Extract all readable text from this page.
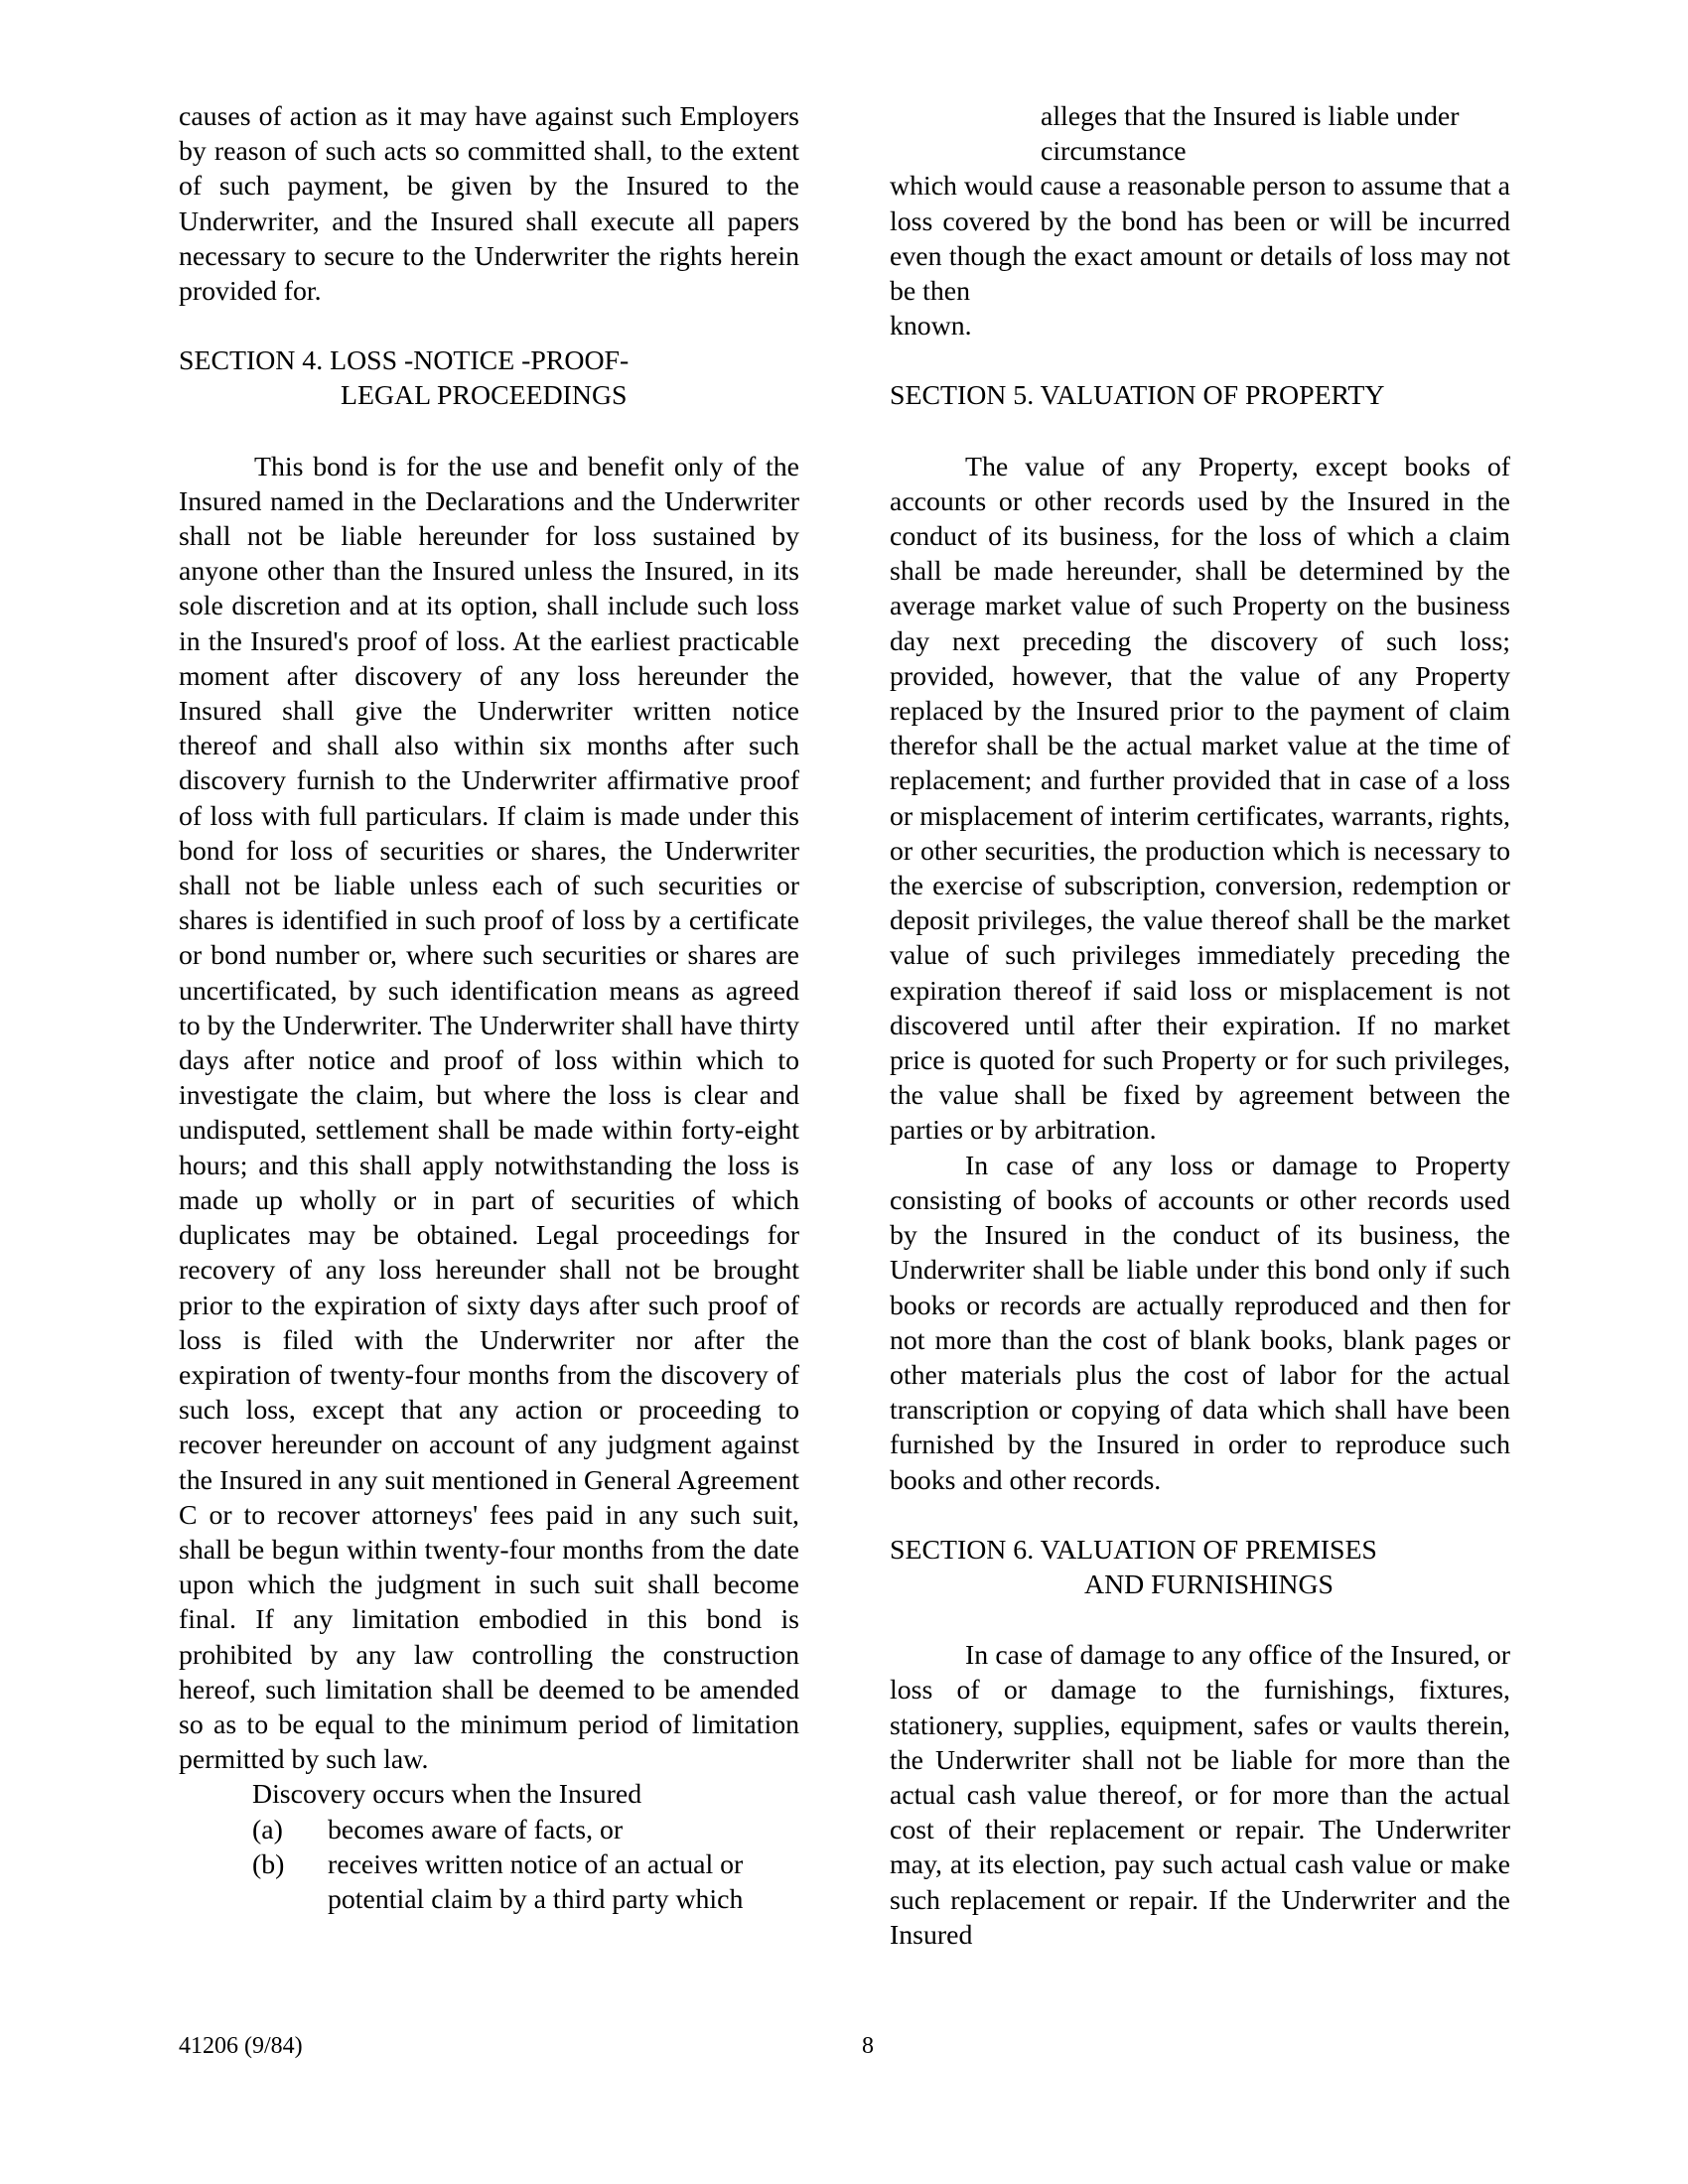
causes of action as it may have against such Employers by reason of such acts so committed shall, to the extent of such payment, be given by the Insured to the Underwriter, and the Insured shall execute all papers necessary to secure to the Underwriter the rights herein provided for.

SECTION 4. LOSS -NOTICE -PROOF-

LEGAL PROCEEDINGS

This bond is for the use and benefit only of the Insured named in the Declarations and the Underwriter shall not be liable hereunder for loss sustained by anyone other than the Insured unless the Insured, in its sole discretion and at its option, shall include such loss in the Insured's proof of loss. At the earliest practicable moment after discovery of any loss hereunder the Insured shall give the Underwriter written notice thereof and shall also within six months after such discovery furnish to the Underwriter affirmative proof of loss with full particulars. If claim is made under this bond for loss of securities or shares, the Underwriter shall not be liable unless each of such securities or shares is identified in such proof of loss by a certificate or bond number or, where such securities or shares are uncertificated, by such identification means as agreed to by the Underwriter. The Underwriter shall have thirty days after notice and proof of loss within which to investigate the claim, but where the loss is clear and undisputed, settlement shall be made within forty-eight hours; and this shall apply notwithstanding the loss is made up wholly or in part of securities of which duplicates may be obtained. Legal proceedings for recovery of any loss hereunder shall not be brought prior to the expiration of sixty days after such proof of loss is filed with the Underwriter nor after the expiration of twenty-four months from the discovery of such loss, except that any action or proceeding to recover hereunder on account of any judgment against the Insured in any suit mentioned in General Agreement C or to recover attorneys' fees paid in any such suit, shall be begun within twenty-four months from the date upon which the judgment in such suit shall become final. If any limitation embodied in this bond is prohibited by any law controlling the construction hereof, such limitation shall be deemed to be amended so as to be equal to the minimum period of limitation permitted by such law.

Discovery occurs when the Insured

(a)	becomes aware of facts, or
(b)	receives written notice of an actual or potential claim by a third party which

alleges that the Insured is liable under

circumstance

which would cause a reasonable person to assume that a loss covered by the bond has been or will be incurred even though the exact amount or details of loss may not be then

known.

SECTION 5. VALUATION OF PROPERTY

The value of any Property, except books of accounts or other records used by the Insured in the conduct of its business, for the loss of which a claim shall be made hereunder, shall be determined by the average market value of such Property on the business day next preceding the discovery of such loss; provided, however, that the value of any Property replaced by the Insured prior to the payment of claim therefor shall be the actual market value at the time of replacement; and further provided that in case of a loss or misplacement of interim certificates, warrants, rights, or other securities, the production which is necessary to the exercise of subscription, conversion, redemption or deposit privileges, the value thereof shall be the market value of such privileges immediately preceding the expiration thereof if said loss or misplacement is not discovered until after their expiration. If no market price is quoted for such Property or for such privileges, the value shall be fixed by agreement between the parties or by arbitration.

In case of any loss or damage to Property consisting of books of accounts or other records used by the Insured in the conduct of its business, the Underwriter shall be liable under this bond only if such books or records are actually reproduced and then for not more than the cost of blank books, blank pages or other materials plus the cost of labor for the actual transcription or copying of data which shall have been furnished by the Insured in order to reproduce such books and other records.

SECTION 6. VALUATION OF PREMISES

AND FURNISHINGS

In case of damage to any office of the Insured, or loss of or damage to the furnishings, fixtures, stationery, supplies, equipment, safes or vaults therein, the Underwriter shall not be liable for more than the actual cash value thereof, or for more than the actual cost of their replacement or repair. The Underwriter may, at its election, pay such actual cash value or make such replacement or repair. If the Underwriter and the Insured

41206 (9/84)	8
